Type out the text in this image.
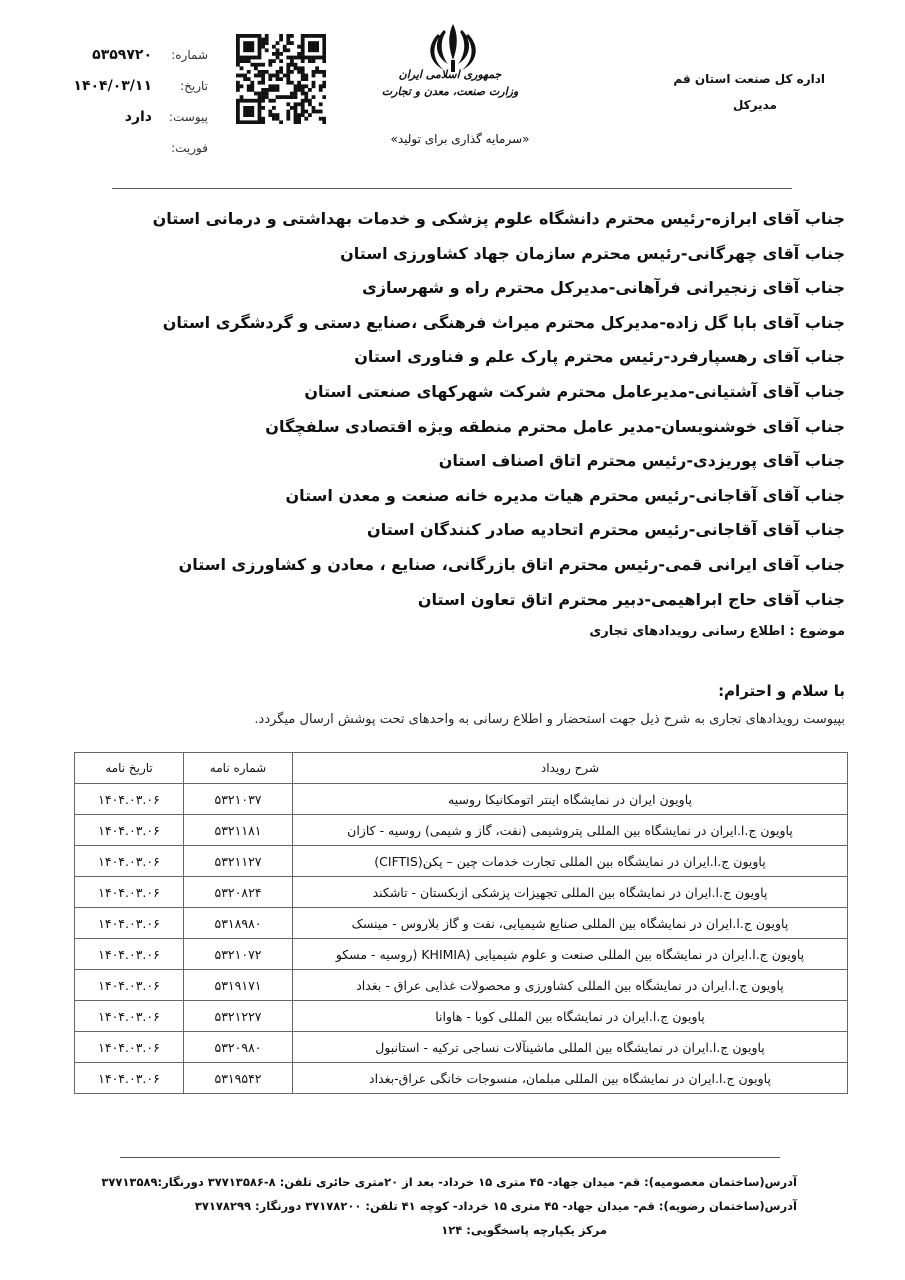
اداره کل صنعت استان قم
مدیرکل
جمهوری اسلامی ایران
وزارت صنعت، معدن و تجارت
«سرمایه گذاری برای تولید»
شماره:
۵۳۵۹۷۲۰
تاریخ:
۱۴۰۴/۰۳/۱۱
پیوست:
دارد
فوریت:
جناب آقای ابرازه-رئیس محترم دانشگاه علوم پزشکی و خدمات بهداشتی و درمانی استان
جناب آقای چهرگانی-رئیس محترم سازمان جهاد کشاورزی استان
جناب آقای زنجیرانی فرآهانی-مدیرکل محترم راه و شهرسازی
جناب آقای بابا گل زاده-مدیرکل محترم میراث فرهنگی ،صنایع دستی و گردشگری استان
جناب آقای رهسپارفرد-رئیس محترم پارک علم و فناوری استان
جناب آقای آشتیانی-مدیرعامل محترم شرکت شهرکهای صنعتی استان
جناب آقای خوشنویسان-مدیر عامل محترم منطقه ویژه اقتصادی سلفچگان
جناب آقای پوریزدی-رئیس محترم اتاق اصناف استان
جناب آقای آقاجانی-رئیس محترم هیات مدیره خانه صنعت و معدن استان
جناب آقای آقاجانی-رئیس محترم اتحادیه صادر کنندگان استان
جناب آقای ایرانی قمی-رئیس محترم اتاق بازرگانی، صنایع ، معادن و کشاورزی استان
جناب آقای حاج ابراهیمی-دبیر محترم اتاق تعاون استان
موضوع : اطلاع رسانی رویدادهای تجاری
با سلام و احترام:
بپیوست رویدادهای تجاری به شرح ذیل جهت استحضار و اطلاع رسانی به واحدهای تحت پوشش ارسال میگردد.
شرح رویداد	شماره نامه	تاریخ نامه
پاویون ایران در نمایشگاه اینتر اتومکانیکا روسیه	۵۳۲۱۰۳۷	۱۴۰۴.۰۳.۰۶
پاویون ج.ا.ایران در نمایشگاه بین المللی پتروشیمی (نفت، گاز و شیمی) روسیه - کازان	۵۳۲۱۱۸۱	۱۴۰۴.۰۳.۰۶
پاویون ج.ا.ایران در نمایشگاه بین المللی تجارت خدمات چین – پکن(CIFTIS)	۵۳۲۱۱۲۷	۱۴۰۴.۰۳.۰۶
پاویون ج.ا.ایران در نمایشگاه بین المللی تجهیزات پزشکی ازبکستان - تاشکند	۵۳۲۰۸۲۴	۱۴۰۴.۰۳.۰۶
پاویون ج.ا.ایران در نمایشگاه بین المللی صنایع شیمیایی، نفت و گاز بلاروس - مینسک	۵۳۱۸۹۸۰	۱۴۰۴.۰۳.۰۶
پاویون ج.ا.ایران در نمایشگاه بین المللی صنعت و علوم شیمیایی (KHIMIA (روسیه - مسکو	۵۳۲۱۰۷۲	۱۴۰۴.۰۳.۰۶
پاویون ج.ا.ایران در نمایشگاه بین المللی کشاورزی و محصولات غذایی عراق - بغداد	۵۳۱۹۱۷۱	۱۴۰۴.۰۳.۰۶
پاویون ج.ا.ایران در نمایشگاه بین المللی کوبا - هاوانا	۵۳۲۱۲۲۷	۱۴۰۴.۰۳.۰۶
پاویون ج.ا.ایران در نمایشگاه بین المللی ماشینآلات نساجی ترکیه - استانبول	۵۳۲۰۹۸۰	۱۴۰۴.۰۳.۰۶
پاویون ج.ا.ایران در نمایشگاه بین المللی مبلمان، منسوجات خانگی عراق-بغداد	۵۳۱۹۵۴۲	۱۴۰۴.۰۳.۰۶
آدرس(ساختمان معصومیه): قم- میدان جهاد- ۴۵ متری ۱۵ خرداد- بعد از ۲۰متری حائری تلفن: ۸-۳۷۷۱۳۵۸۶ دورنگار:۳۷۷۱۳۵۸۹
آدرس(ساختمان رضویه): قم- میدان جهاد- ۴۵ متری ۱۵ خرداد- کوچه ۴۱ تلفن: ۳۷۱۷۸۲۰۰ دورنگار: ۳۷۱۷۸۲۹۹
مرکز یکپارچه پاسخگویی: ۱۲۴
